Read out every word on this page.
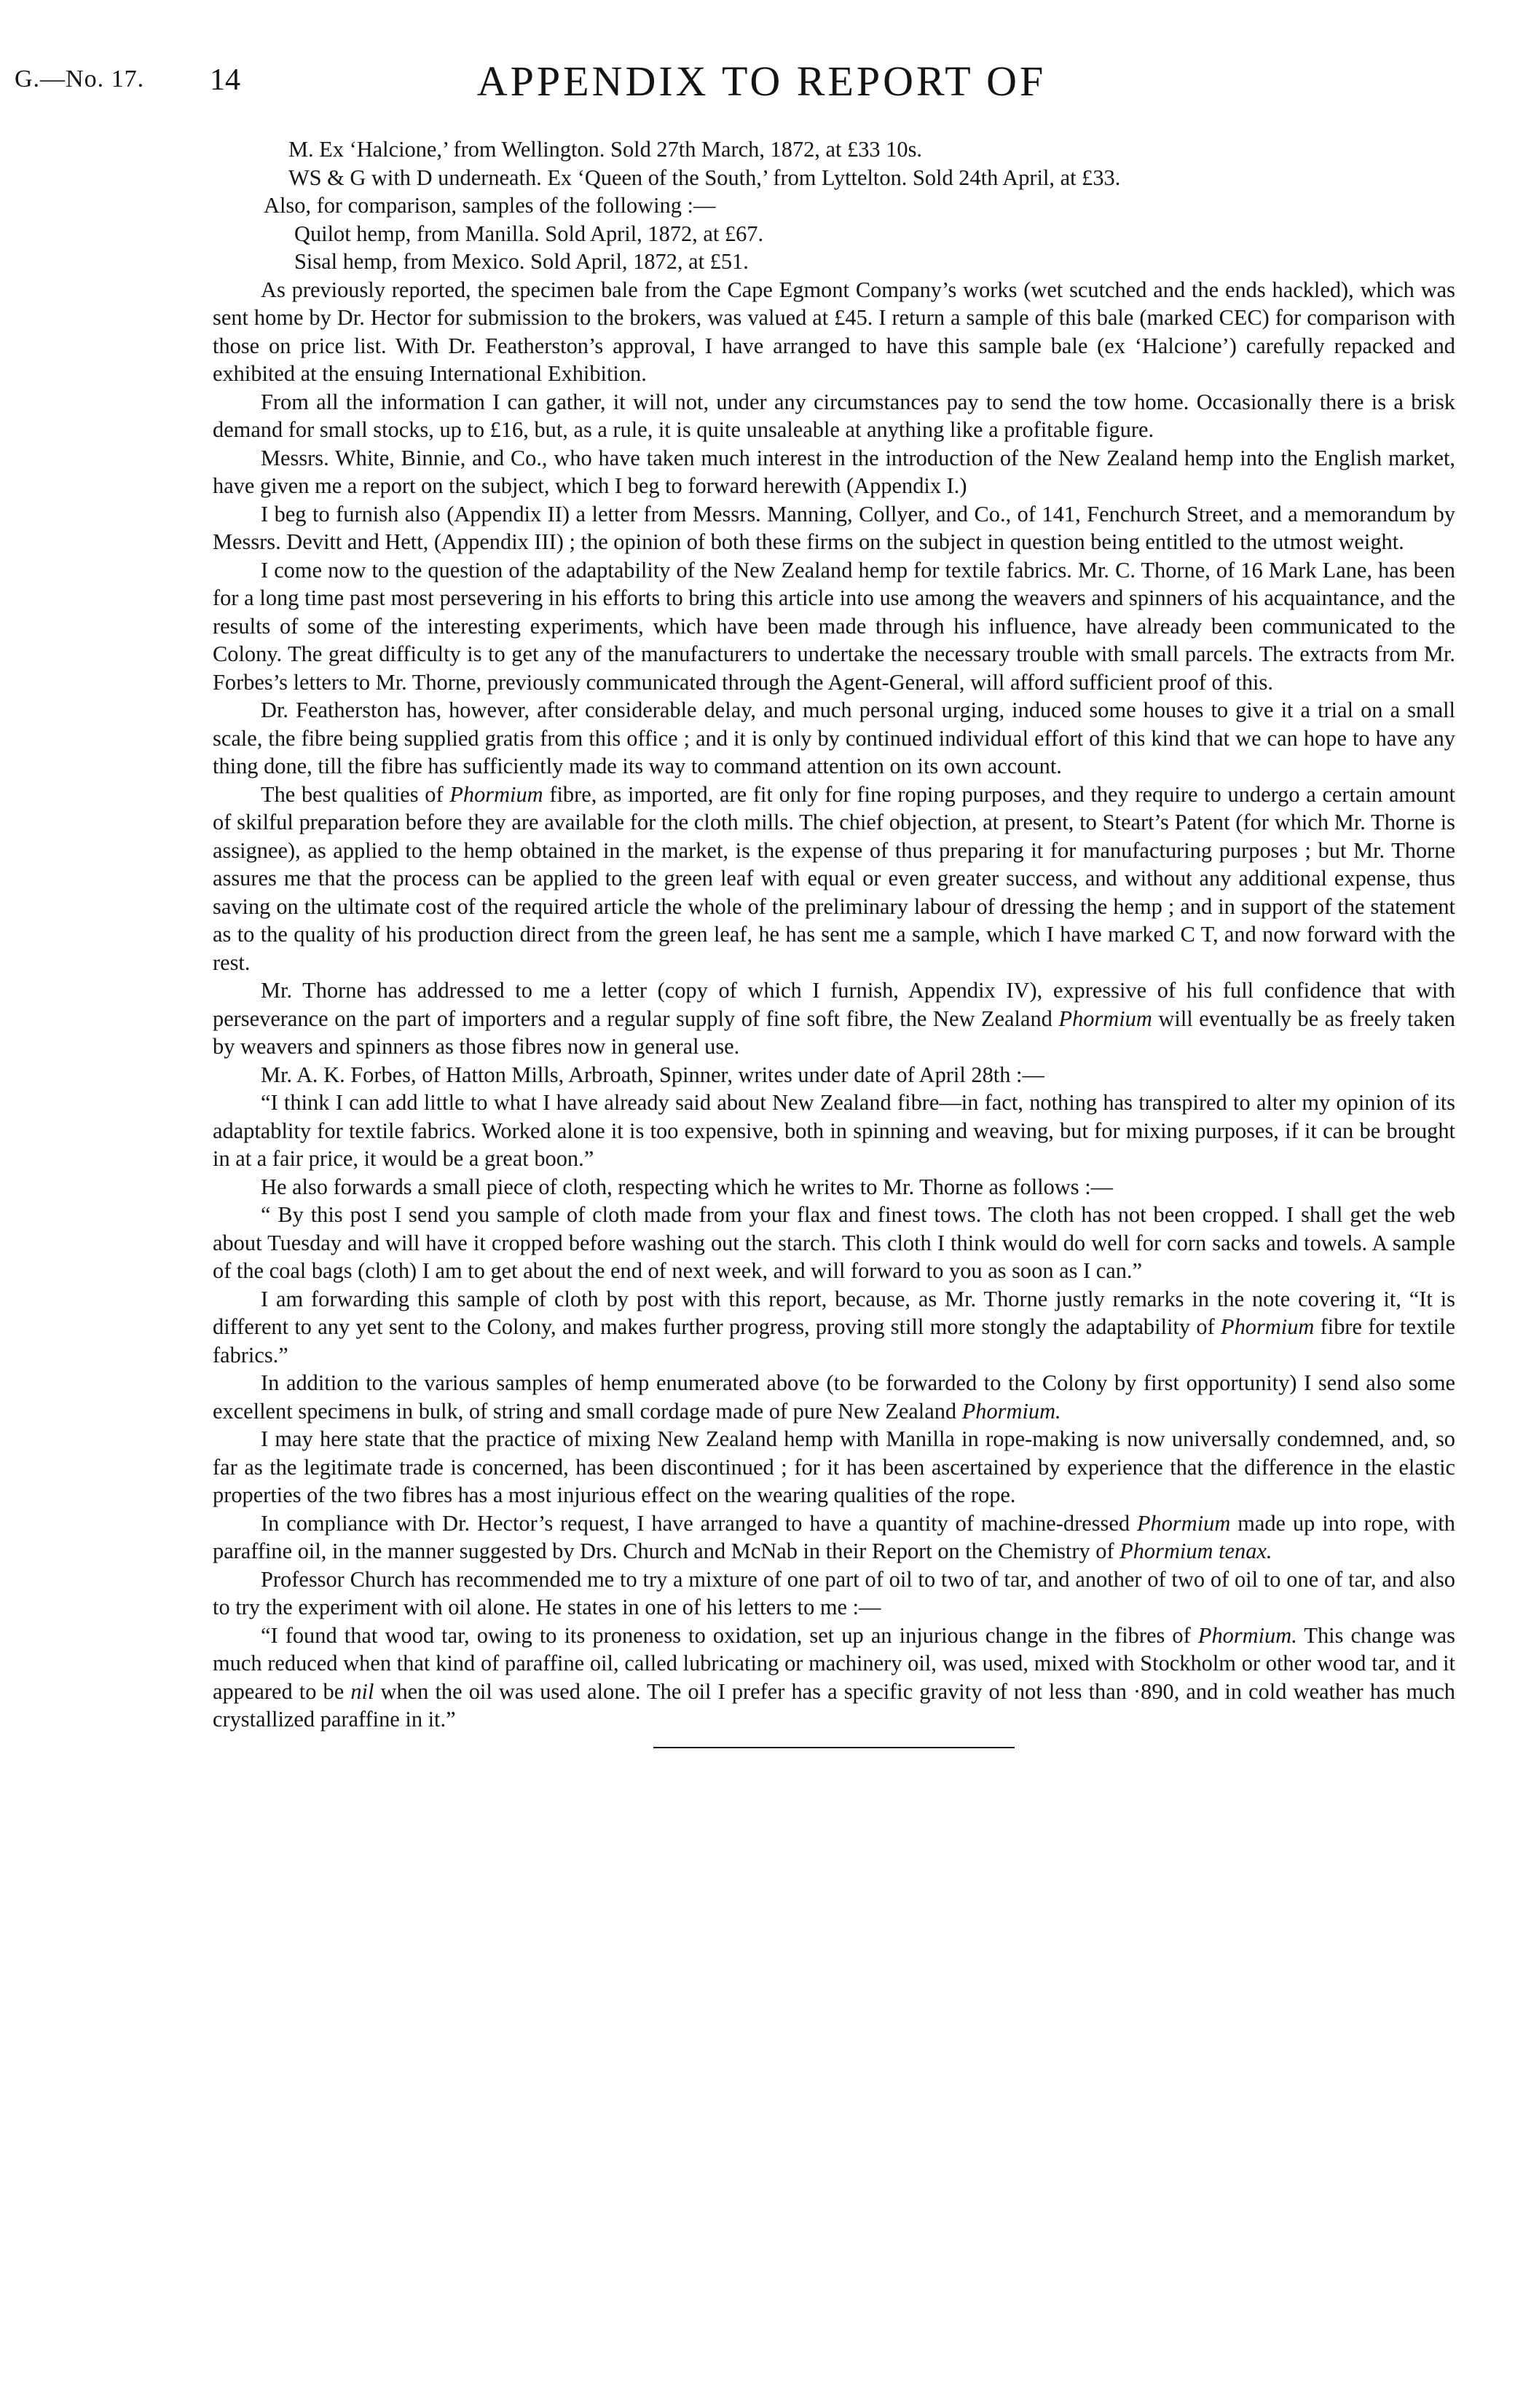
G.—No. 17. 14	APPENDIX TO REPORT OF

M. Ex ‘Halcione,’ from Wellington. Sold 27th March, 1872, at £33 10s.

WS & G with D underneath. Ex ‘Queen of the South,’ from Lyttelton. Sold 24th April, at £33.

Also, for comparison, samples of the following :—

Quilot hemp, from Manilla. Sold April, 1872, at £67.

Sisal hemp, from Mexico. Sold April, 1872, at £51.

As previously reported, the specimen bale from the Cape Egmont Company’s works (wet scutched and the ends hackled), which was sent home by Dr. Hector for submission to the brokers, was valued at £45. I return a sample of this bale (marked CEC) for comparison with those on price list. With Dr. Featherston’s approval, I have arranged to have this sample bale (ex ‘Halcione’) carefully repacked and exhibited at the ensuing International Exhibition.

From all the information I can gather, it will not, under any circumstances pay to send the tow home. Occasionally there is a brisk demand for small stocks, up to £16, but, as a rule, it is quite unsaleable at anything like a profitable figure.

Messrs. White, Binnie, and Co., who have taken much interest in the introduction of the New Zealand hemp into the English market, have given me a report on the subject, which I beg to forward herewith (Appendix I.)

I beg to furnish also (Appendix II) a letter from Messrs. Manning, Collyer, and Co., of 141, Fenchurch Street, and a memorandum by Messrs. Devitt and Hett, (Appendix III) ; the opinion of both these firms on the subject in question being entitled to the utmost weight.

I come now to the question of the adaptability of the New Zealand hemp for textile fabrics. Mr. C. Thorne, of 16 Mark Lane, has been for a long time past most persevering in his efforts to bring this article into use among the weavers and spinners of his acquaintance, and the results of some of the interesting experiments, which have been made through his influence, have already been communicated to the Colony. The great difficulty is to get any of the manufacturers to undertake the necessary trouble with small parcels. The extracts from Mr. Forbes’s letters to Mr. Thorne, previously communicated through the Agent-General, will afford sufficient proof of this.

Dr. Featherston has, however, after considerable delay, and much personal urging, induced some houses to give it a trial on a small scale, the fibre being supplied gratis from this office ; and it is only by continued individual effort of this kind that we can hope to have any thing done, till the fibre has sufficiently made its way to command attention on its own account.

The best qualities of Phormium fibre, as imported, are fit only for fine roping purposes, and they require to undergo a certain amount of skilful preparation before they are available for the cloth mills. The chief objection, at present, to Steart’s Patent (for which Mr. Thorne is assignee), as applied to the hemp obtained in the market, is the expense of thus preparing it for manufacturing purposes ; but Mr. Thorne assures me that the process can be applied to the green leaf with equal or even greater success, and without any additional expense, thus saving on the ultimate cost of the required article the whole of the preliminary labour of dressing the hemp ; and in support of the statement as to the quality of his production direct from the green leaf, he has sent me a sample, which I have marked C T, and now forward with the rest.

Mr. Thorne has addressed to me a letter (copy of which I furnish, Appendix IV), expressive of his full confidence that with perseverance on the part of importers and a regular supply of fine soft fibre, the New Zealand Phormium will eventually be as freely taken by weavers and spinners as those fibres now in general use.

Mr. A. K. Forbes, of Hatton Mills, Arbroath, Spinner, writes under date of April 28th :—

“I think I can add little to what I have already said about New Zealand fibre—in fact, nothing has transpired to alter my opinion of its adaptablity for textile fabrics. Worked alone it is too expensive, both in spinning and weaving, but for mixing purposes, if it can be brought in at a fair price, it would be a great boon.”

He also forwards a small piece of cloth, respecting which he writes to Mr. Thorne as follows :—

“ By this post I send you sample of cloth made from your flax and finest tows. The cloth has not been cropped. I shall get the web about Tuesday and will have it cropped before washing out the starch. This cloth I think would do well for corn sacks and towels. A sample of the coal bags (cloth) I am to get about the end of next week, and will forward to you as soon as I can.”

I am forwarding this sample of cloth by post with this report, because, as Mr. Thorne justly remarks in the note covering it, “It is different to any yet sent to the Colony, and makes further progress, proving still more stongly the adaptability of Phormium fibre for textile fabrics.”

In addition to the various samples of hemp enumerated above (to be forwarded to the Colony by first opportunity) I send also some excellent specimens in bulk, of string and small cordage made of pure New Zealand Phormium.

I may here state that the practice of mixing New Zealand hemp with Manilla in rope-making is now universally condemned, and, so far as the legitimate trade is concerned, has been discontinued ; for it has been ascertained by experience that the difference in the elastic properties of the two fibres has a most injurious effect on the wearing qualities of the rope.

In compliance with Dr. Hector’s request, I have arranged to have a quantity of machine-dressed Phormium made up into rope, with paraffine oil, in the manner suggested by Drs. Church and McNab in their Report on the Chemistry of Phormium tenax.

Professor Church has recommended me to try a mixture of one part of oil to two of tar, and another of two of oil to one of tar, and also to try the experiment with oil alone. He states in one of his letters to me :—

“I found that wood tar, owing to its proneness to oxidation, set up an injurious change in the fibres of Phormium. This change was much reduced when that kind of paraffine oil, called lubricating or machinery oil, was used, mixed with Stockholm or other wood tar, and it appeared to be nil when the oil was used alone. The oil I prefer has a specific gravity of not less than ·890, and in cold weather has much crystallized paraffine in it.”
